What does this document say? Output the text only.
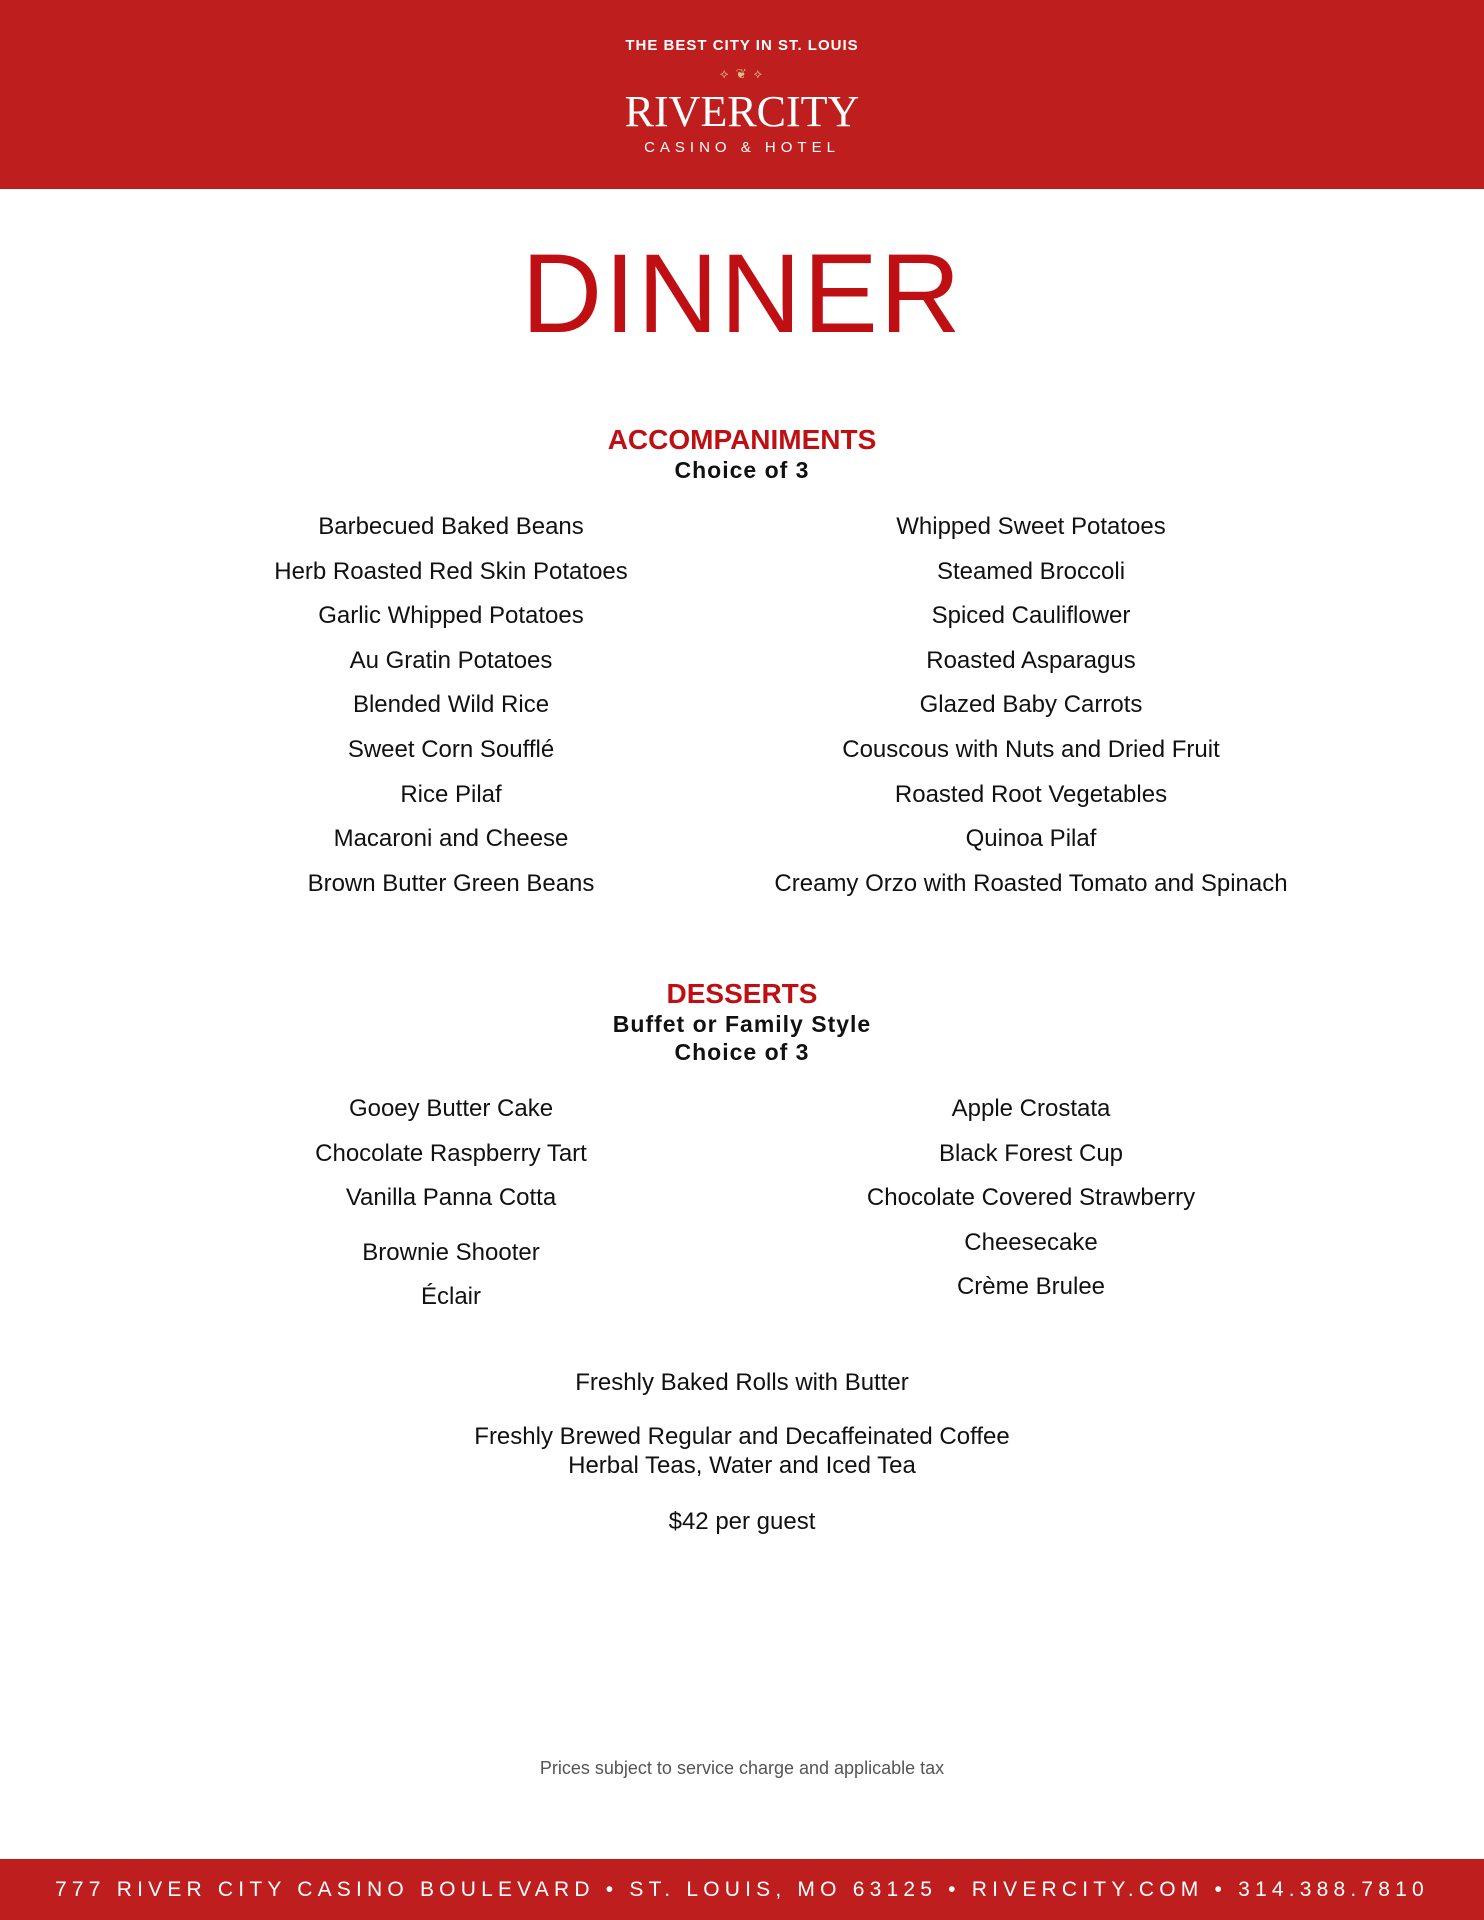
THE BEST CITY IN ST. LOUIS
⟡ ❦ ⟡
RIVERCITY
CASINO & HOTEL
DINNER
ACCOMPANIMENTS
Choice of 3
Barbecued Baked Beans
Herb Roasted Red Skin Potatoes
Garlic Whipped Potatoes
Au Gratin Potatoes
Blended Wild Rice
Sweet Corn Soufflé
Rice Pilaf
Macaroni and Cheese
Brown Butter Green Beans
Whipped Sweet Potatoes
Steamed Broccoli
Spiced Cauliflower
Roasted Asparagus
Glazed Baby Carrots
Couscous with Nuts and Dried Fruit
Roasted Root Vegetables
Quinoa Pilaf
Creamy Orzo with Roasted Tomato and Spinach
DESSERTS
Buffet or Family Style
Choice of 3
Gooey Butter Cake
Chocolate Raspberry Tart
Vanilla Panna Cotta
Brownie Shooter
Éclair
Apple Crostata
Black Forest Cup
Chocolate Covered Strawberry
Cheesecake
Crème Brulee
Freshly Baked Rolls with Butter
Freshly Brewed Regular and Decaffeinated Coffee
Herbal Teas, Water and Iced Tea
$42 per guest
Prices subject to service charge and applicable tax
777 RIVER CITY CASINO BOULEVARD • ST. LOUIS, MO 63125 • RIVERCITY.COM • 314.388.7810
